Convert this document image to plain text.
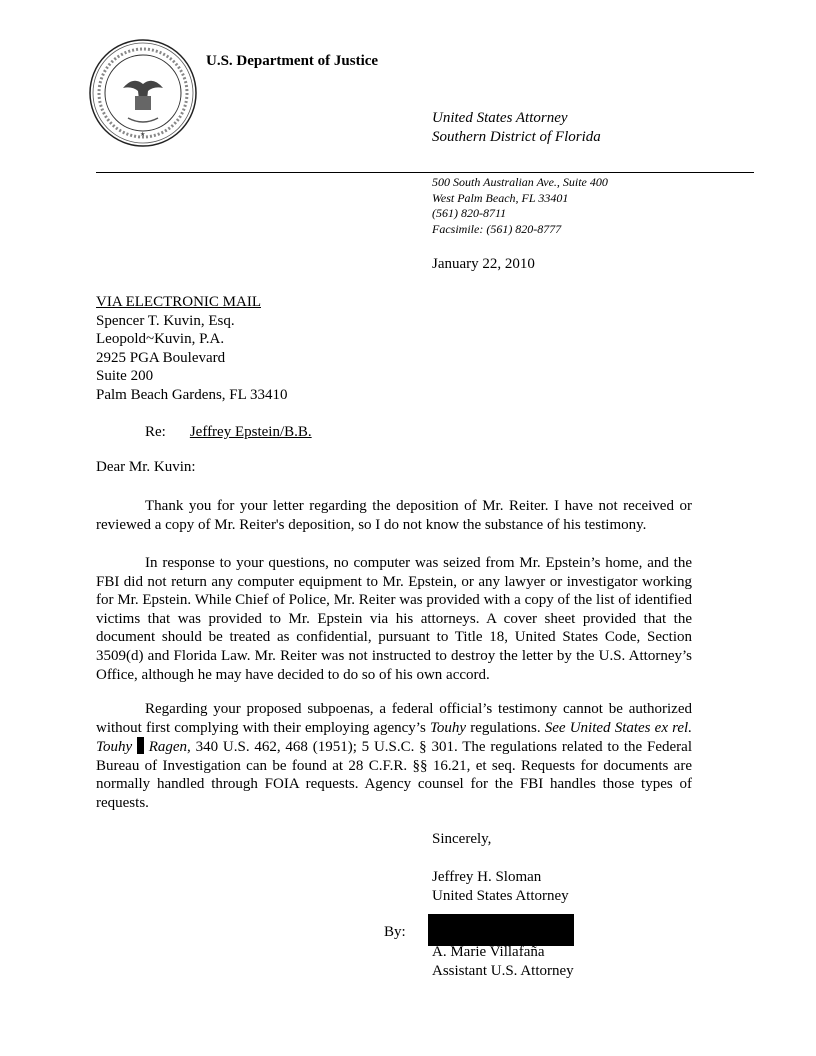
★
U.S. Department of Justice
United States Attorney
Southern District of Florida
500 South Australian Ave., Suite 400
West Palm Beach, FL 33401
(561) 820-8711
Facsimile: (561) 820-8777
January 22, 2010
VIA ELECTRONIC MAIL
Spencer T. Kuvin, Esq.
Leopold~Kuvin, P.A.
2925 PGA Boulevard
Suite 200
Palm Beach Gardens, FL 33410
Re: Jeffrey Epstein/B.B.
Dear Mr. Kuvin:
Thank you for your letter regarding the deposition of Mr. Reiter. I have not received or reviewed a copy of Mr. Reiter's deposition, so I do not know the substance of his testimony.
In response to your questions, no computer was seized from Mr. Epstein’s home, and the FBI did not return any computer equipment to Mr. Epstein, or any lawyer or investigator working for Mr. Epstein. While Chief of Police, Mr. Reiter was provided with a copy of the list of identified victims that was provided to Mr. Epstein via his attorneys. A cover sheet provided that the document should be treated as confidential, pursuant to Title 18, United States Code, Section 3509(d) and Florida Law. Mr. Reiter was not instructed to destroy the letter by the U.S. Attorney’s Office, although he may have decided to do so of his own accord.
Regarding your proposed subpoenas, a federal official’s testimony cannot be authorized without first complying with their employing agency’s Touhy regulations. See United States ex rel. Touhy  Ragen, 340 U.S. 462, 468 (1951); 5 U.S.C. § 301. The regulations related to the Federal Bureau of Investigation can be found at 28 C.F.R. §§ 16.21, et seq. Requests for documents are normally handled through FOIA requests. Agency counsel for the FBI handles those types of requests.
Sincerely,
Jeffrey H. Sloman
United States Attorney
By:
A. Marie Villafaña
Assistant U.S. Attorney
